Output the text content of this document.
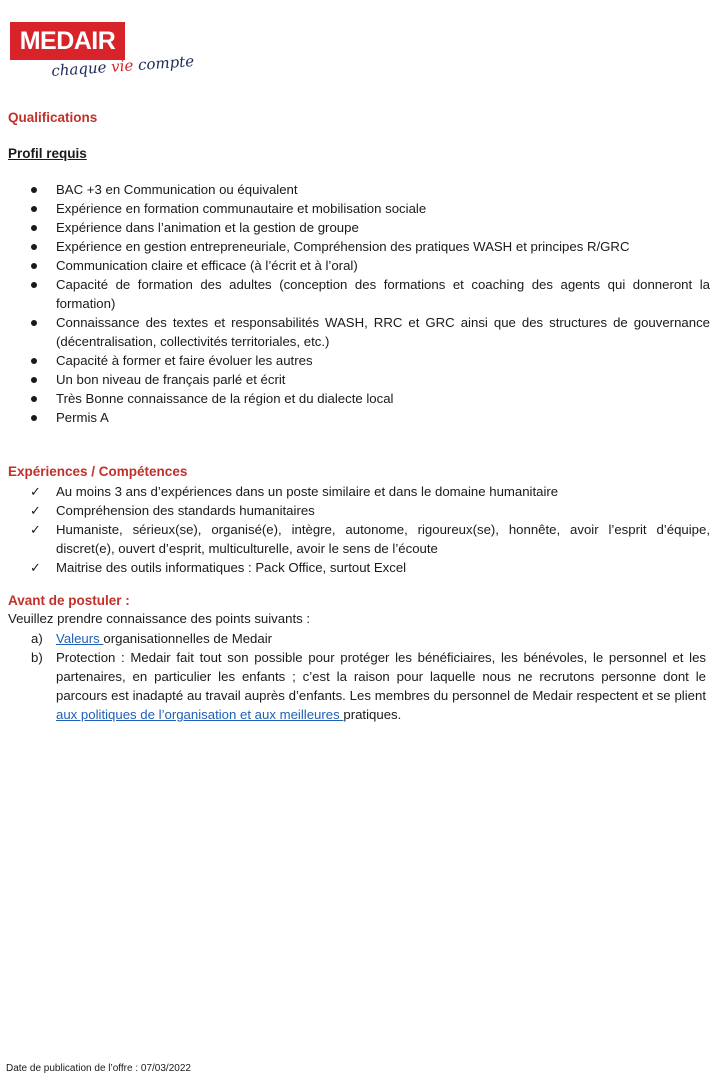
MEDAIR
chaque vie compte
Qualifications
Profil requis
BAC +3 en Communication ou équivalent
Expérience en formation communautaire et mobilisation sociale
Expérience dans l’animation et la gestion de groupe
Expérience en gestion entrepreneuriale, Compréhension des pratiques WASH et principes R/GRC
Communication claire et efficace (à l’écrit et à l’oral)
Capacité de formation des adultes (conception des formations et coaching des agents qui donneront la formation)
Connaissance des textes et responsabilités WASH, RRC et GRC ainsi que des structures de gouvernance (décentralisation, collectivités territoriales, etc.)
Capacité à former et faire évoluer les autres
Un bon niveau de français parlé et écrit
Très Bonne connaissance de la région et du dialecte local
Permis A
Expériences / Compétences
✓ Au moins 3 ans d’expériences dans un poste similaire et dans le domaine humanitaire
✓ Compréhension des standards humanitaires
✓ Humaniste, sérieux(se), organisé(e), intègre, autonome, rigoureux(se), honnête, avoir l’esprit d’équipe, discret(e), ouvert d’esprit, multiculturelle, avoir le sens de l’écoute
✓ Maitrise des outils informatiques : Pack Office, surtout Excel
Avant de postuler :
Veuillez prendre connaissance des points suivants :
a) Valeurs organisationnelles de Medair
b) Protection : Medair fait tout son possible pour protéger les bénéficiaires, les bénévoles, le personnel et les partenaires, en particulier les enfants ; c’est la raison pour laquelle nous ne recrutons personne dont le parcours est inadapté au travail auprès d’enfants. Les membres du personnel de Medair respectent et se plient aux politiques de l’organisation et aux meilleures pratiques.
Date de publication de l’offre : 07/03/2022
